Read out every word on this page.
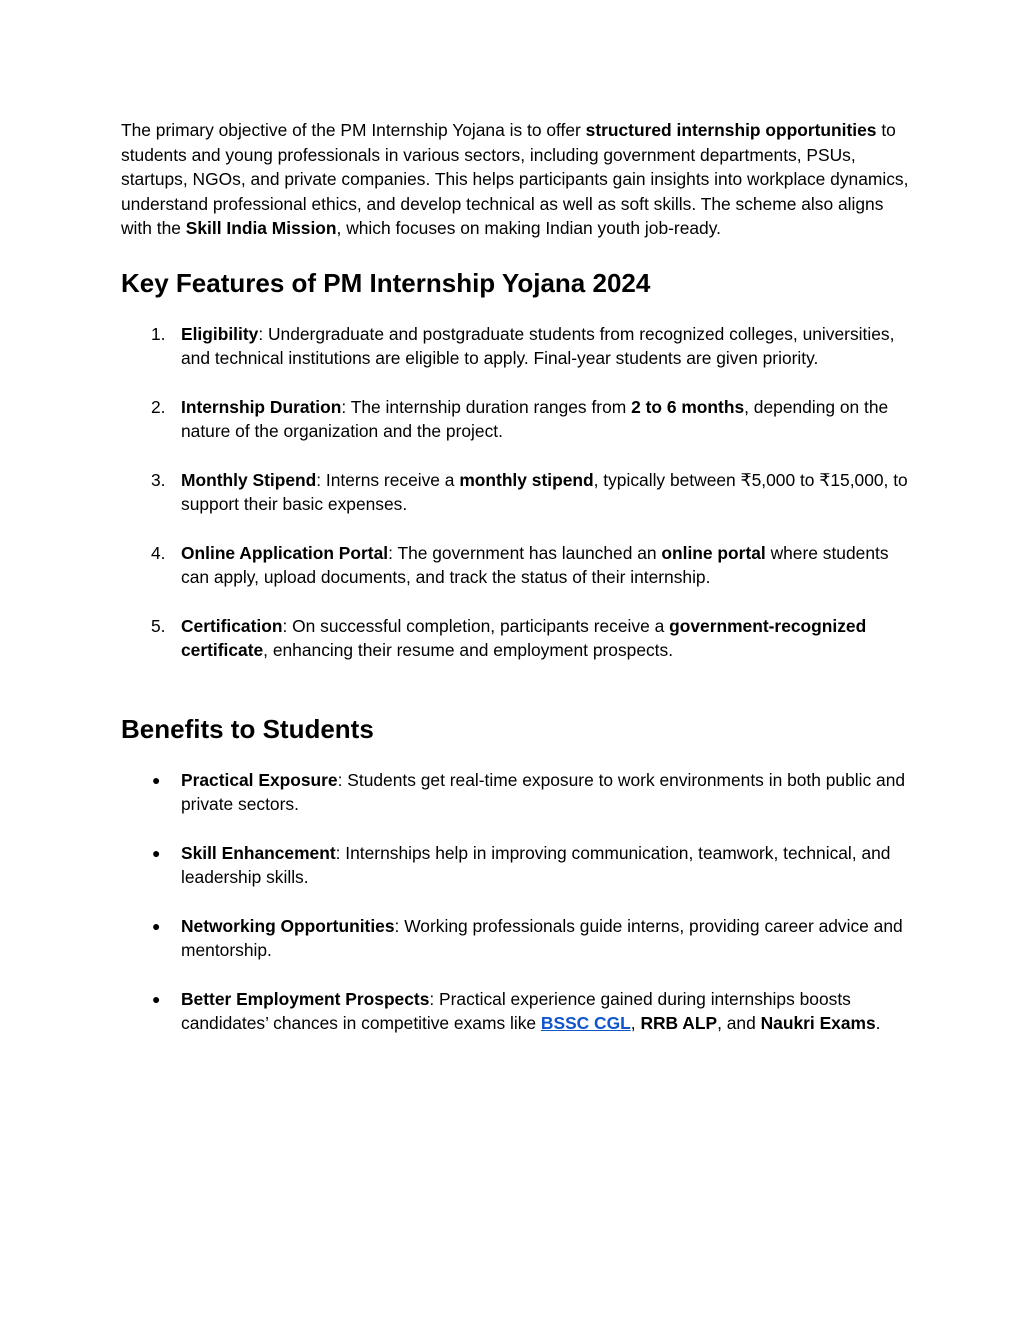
The primary objective of the PM Internship Yojana is to offer structured internship opportunities to students and young professionals in various sectors, including government departments, PSUs, startups, NGOs, and private companies. This helps participants gain insights into workplace dynamics, understand professional ethics, and develop technical as well as soft skills. The scheme also aligns with the Skill India Mission, which focuses on making Indian youth job-ready.

Key Features of PM Internship Yojana 2024
1. Eligibility: Undergraduate and postgraduate students from recognized colleges, universities, and technical institutions are eligible to apply. Final-year students are given priority.
2. Internship Duration: The internship duration ranges from 2 to 6 months, depending on the nature of the organization and the project.
3. Monthly Stipend: Interns receive a monthly stipend, typically between ₹5,000 to ₹15,000, to support their basic expenses.
4. Online Application Portal: The government has launched an online portal where students can apply, upload documents, and track the status of their internship.
5. Certification: On successful completion, participants receive a government-recognized certificate, enhancing their resume and employment prospects.
Benefits to Students
● Practical Exposure: Students get real-time exposure to work environments in both public and private sectors.
● Skill Enhancement: Internships help in improving communication, teamwork, technical, and leadership skills.
● Networking Opportunities: Working professionals guide interns, providing career advice and mentorship.
● Better Employment Prospects: Practical experience gained during internships boosts candidates’ chances in competitive exams like BSSC CGL, RRB ALP, and Naukri Exams.
